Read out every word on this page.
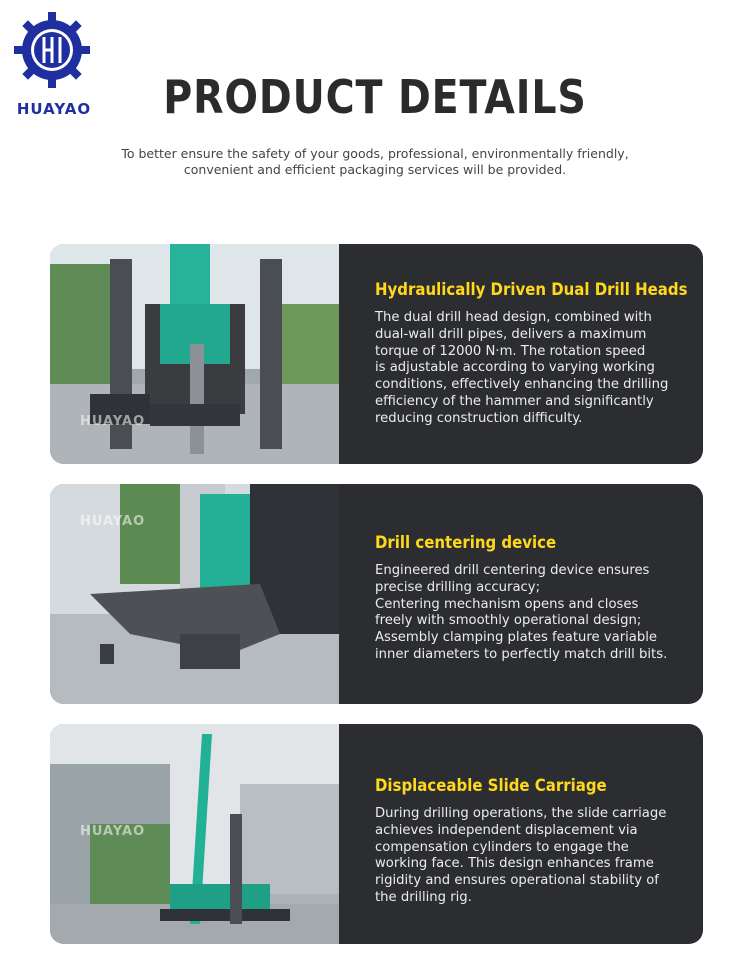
HUAYAO	PRODUCT DETAILS
To better ensure the safety of your goods, professional, environmentally friendly,
convenient and efficient packaging services will be provided.
HUAYAO
Hydraulically Driven Dual Drill Heads
The dual drill head design, combined with
dual-wall drill pipes, delivers a maximum
torque of 12000 N·m. The rotation speed
is adjustable according to varying working
conditions, effectively enhancing the drilling
efficiency of the hammer and significantly
reducing construction difficulty.
HUAYAO
Drill centering device
Engineered drill centering device ensures
precise drilling accuracy;
Centering mechanism opens and closes
freely with smoothly operational design;
Assembly clamping plates feature variable
inner diameters to perfectly match drill bits.
HUAYAO
Displaceable Slide Carriage
During drilling operations, the slide carriage
achieves independent displacement via
compensation cylinders to engage the
working face. This design enhances frame
rigidity and ensures operational stability of
the drilling rig.
